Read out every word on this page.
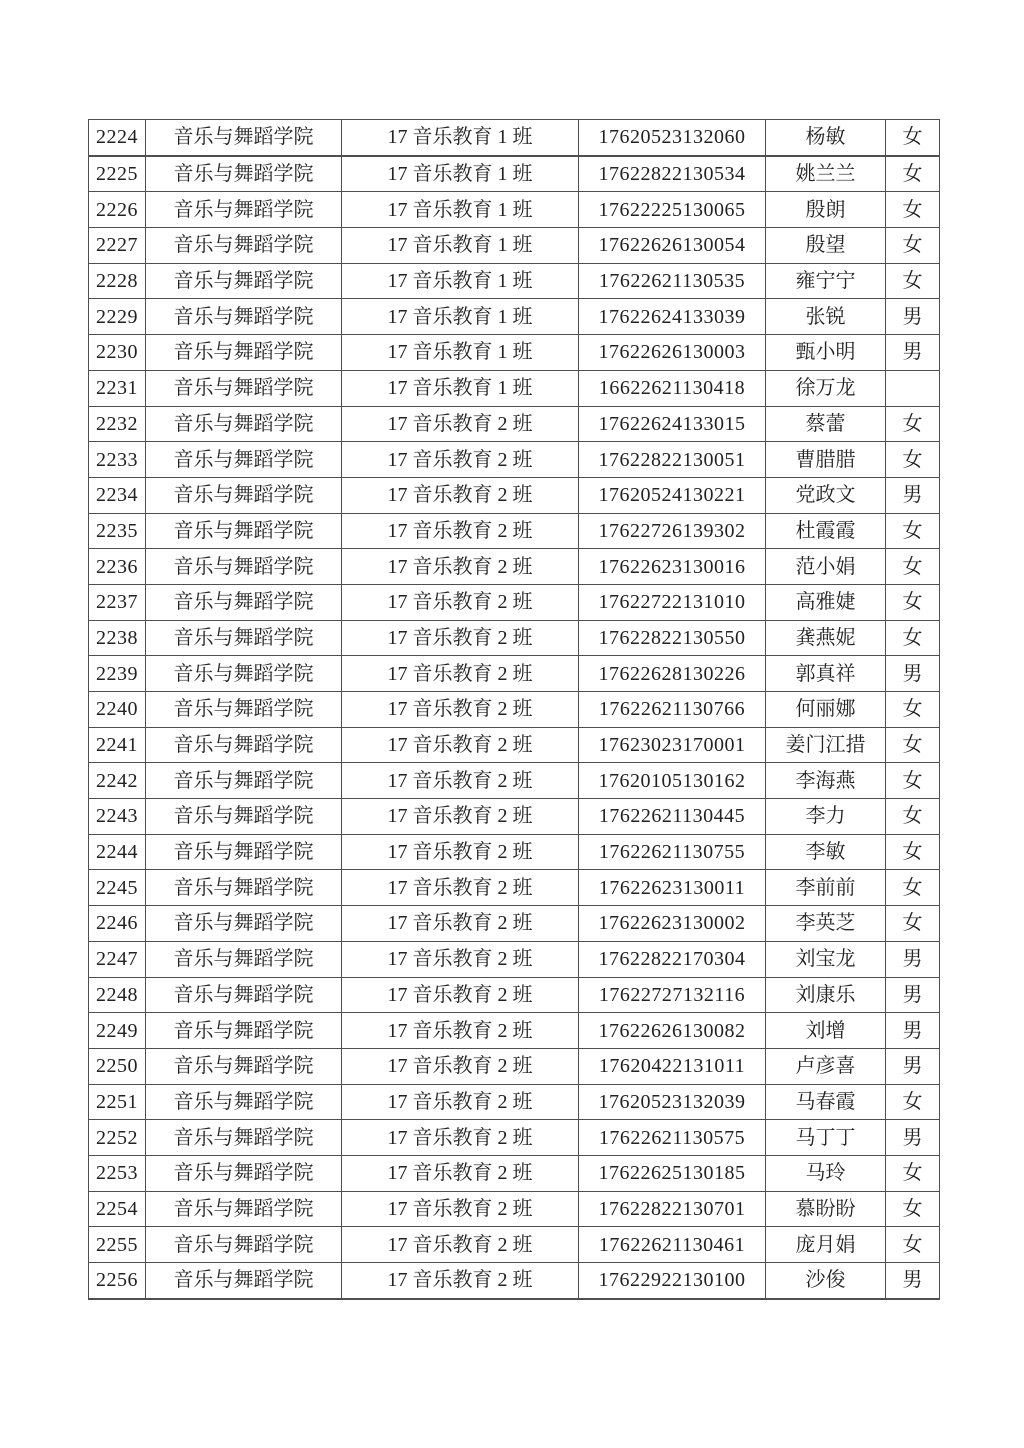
2224	音乐与舞蹈学院	17 音乐教育 1 班	17620523132060	杨敏	女
2225	音乐与舞蹈学院	17 音乐教育 1 班	17622822130534	姚兰兰	女
2226	音乐与舞蹈学院	17 音乐教育 1 班	17622225130065	殷朗	女
2227	音乐与舞蹈学院	17 音乐教育 1 班	17622626130054	殷望	女
2228	音乐与舞蹈学院	17 音乐教育 1 班	17622621130535	雍宁宁	女
2229	音乐与舞蹈学院	17 音乐教育 1 班	17622624133039	张锐	男
2230	音乐与舞蹈学院	17 音乐教育 1 班	17622626130003	甄小明	男
2231	音乐与舞蹈学院	17 音乐教育 1 班	16622621130418	徐万龙	
2232	音乐与舞蹈学院	17 音乐教育 2 班	17622624133015	蔡蕾	女
2233	音乐与舞蹈学院	17 音乐教育 2 班	17622822130051	曹腊腊	女
2234	音乐与舞蹈学院	17 音乐教育 2 班	17620524130221	党政文	男
2235	音乐与舞蹈学院	17 音乐教育 2 班	17622726139302	杜霞霞	女
2236	音乐与舞蹈学院	17 音乐教育 2 班	17622623130016	范小娟	女
2237	音乐与舞蹈学院	17 音乐教育 2 班	17622722131010	高雅婕	女
2238	音乐与舞蹈学院	17 音乐教育 2 班	17622822130550	龚燕妮	女
2239	音乐与舞蹈学院	17 音乐教育 2 班	17622628130226	郭真祥	男
2240	音乐与舞蹈学院	17 音乐教育 2 班	17622621130766	何丽娜	女
2241	音乐与舞蹈学院	17 音乐教育 2 班	17623023170001	姜门江措	女
2242	音乐与舞蹈学院	17 音乐教育 2 班	17620105130162	李海燕	女
2243	音乐与舞蹈学院	17 音乐教育 2 班	17622621130445	李力	女
2244	音乐与舞蹈学院	17 音乐教育 2 班	17622621130755	李敏	女
2245	音乐与舞蹈学院	17 音乐教育 2 班	17622623130011	李前前	女
2246	音乐与舞蹈学院	17 音乐教育 2 班	17622623130002	李英芝	女
2247	音乐与舞蹈学院	17 音乐教育 2 班	17622822170304	刘宝龙	男
2248	音乐与舞蹈学院	17 音乐教育 2 班	17622727132116	刘康乐	男
2249	音乐与舞蹈学院	17 音乐教育 2 班	17622626130082	刘增	男
2250	音乐与舞蹈学院	17 音乐教育 2 班	17620422131011	卢彦喜	男
2251	音乐与舞蹈学院	17 音乐教育 2 班	17620523132039	马春霞	女
2252	音乐与舞蹈学院	17 音乐教育 2 班	17622621130575	马丁丁	男
2253	音乐与舞蹈学院	17 音乐教育 2 班	17622625130185	马玲	女
2254	音乐与舞蹈学院	17 音乐教育 2 班	17622822130701	慕盼盼	女
2255	音乐与舞蹈学院	17 音乐教育 2 班	17622621130461	庞月娟	女
2256	音乐与舞蹈学院	17 音乐教育 2 班	17622922130100	沙俊	男
